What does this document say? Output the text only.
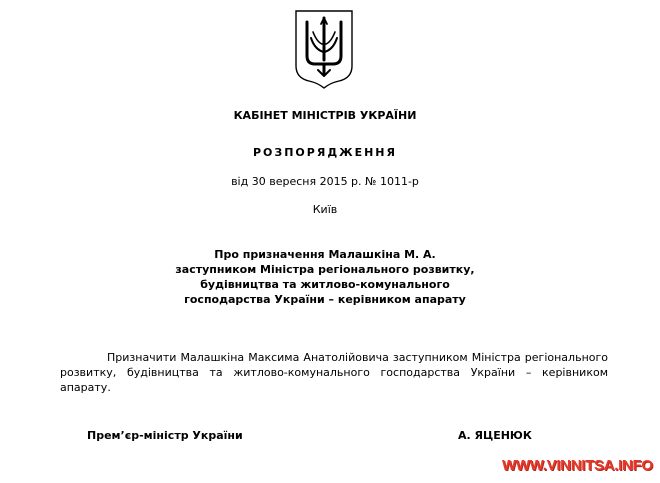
КАБІНЕТ МІНІСТРІВ УКРАЇНИ
РОЗПОРЯДЖЕННЯ
від 30 вересня 2015 р. № 1011-р
Київ
Про призначення Малашкіна М. А.
заступником Міністра регіонального розвитку,
будівництва та житлово-комунального
господарства України – керівником апарату
Призначити Малашкіна Максима Анатолійовича заступником Міністра регіонального розвитку, будівництва та житлово-комунального господарства України – керівником апарату.
Прем’єр-міністр України	А. ЯЦЕНЮК
WWW.VINNITSA.INFO
